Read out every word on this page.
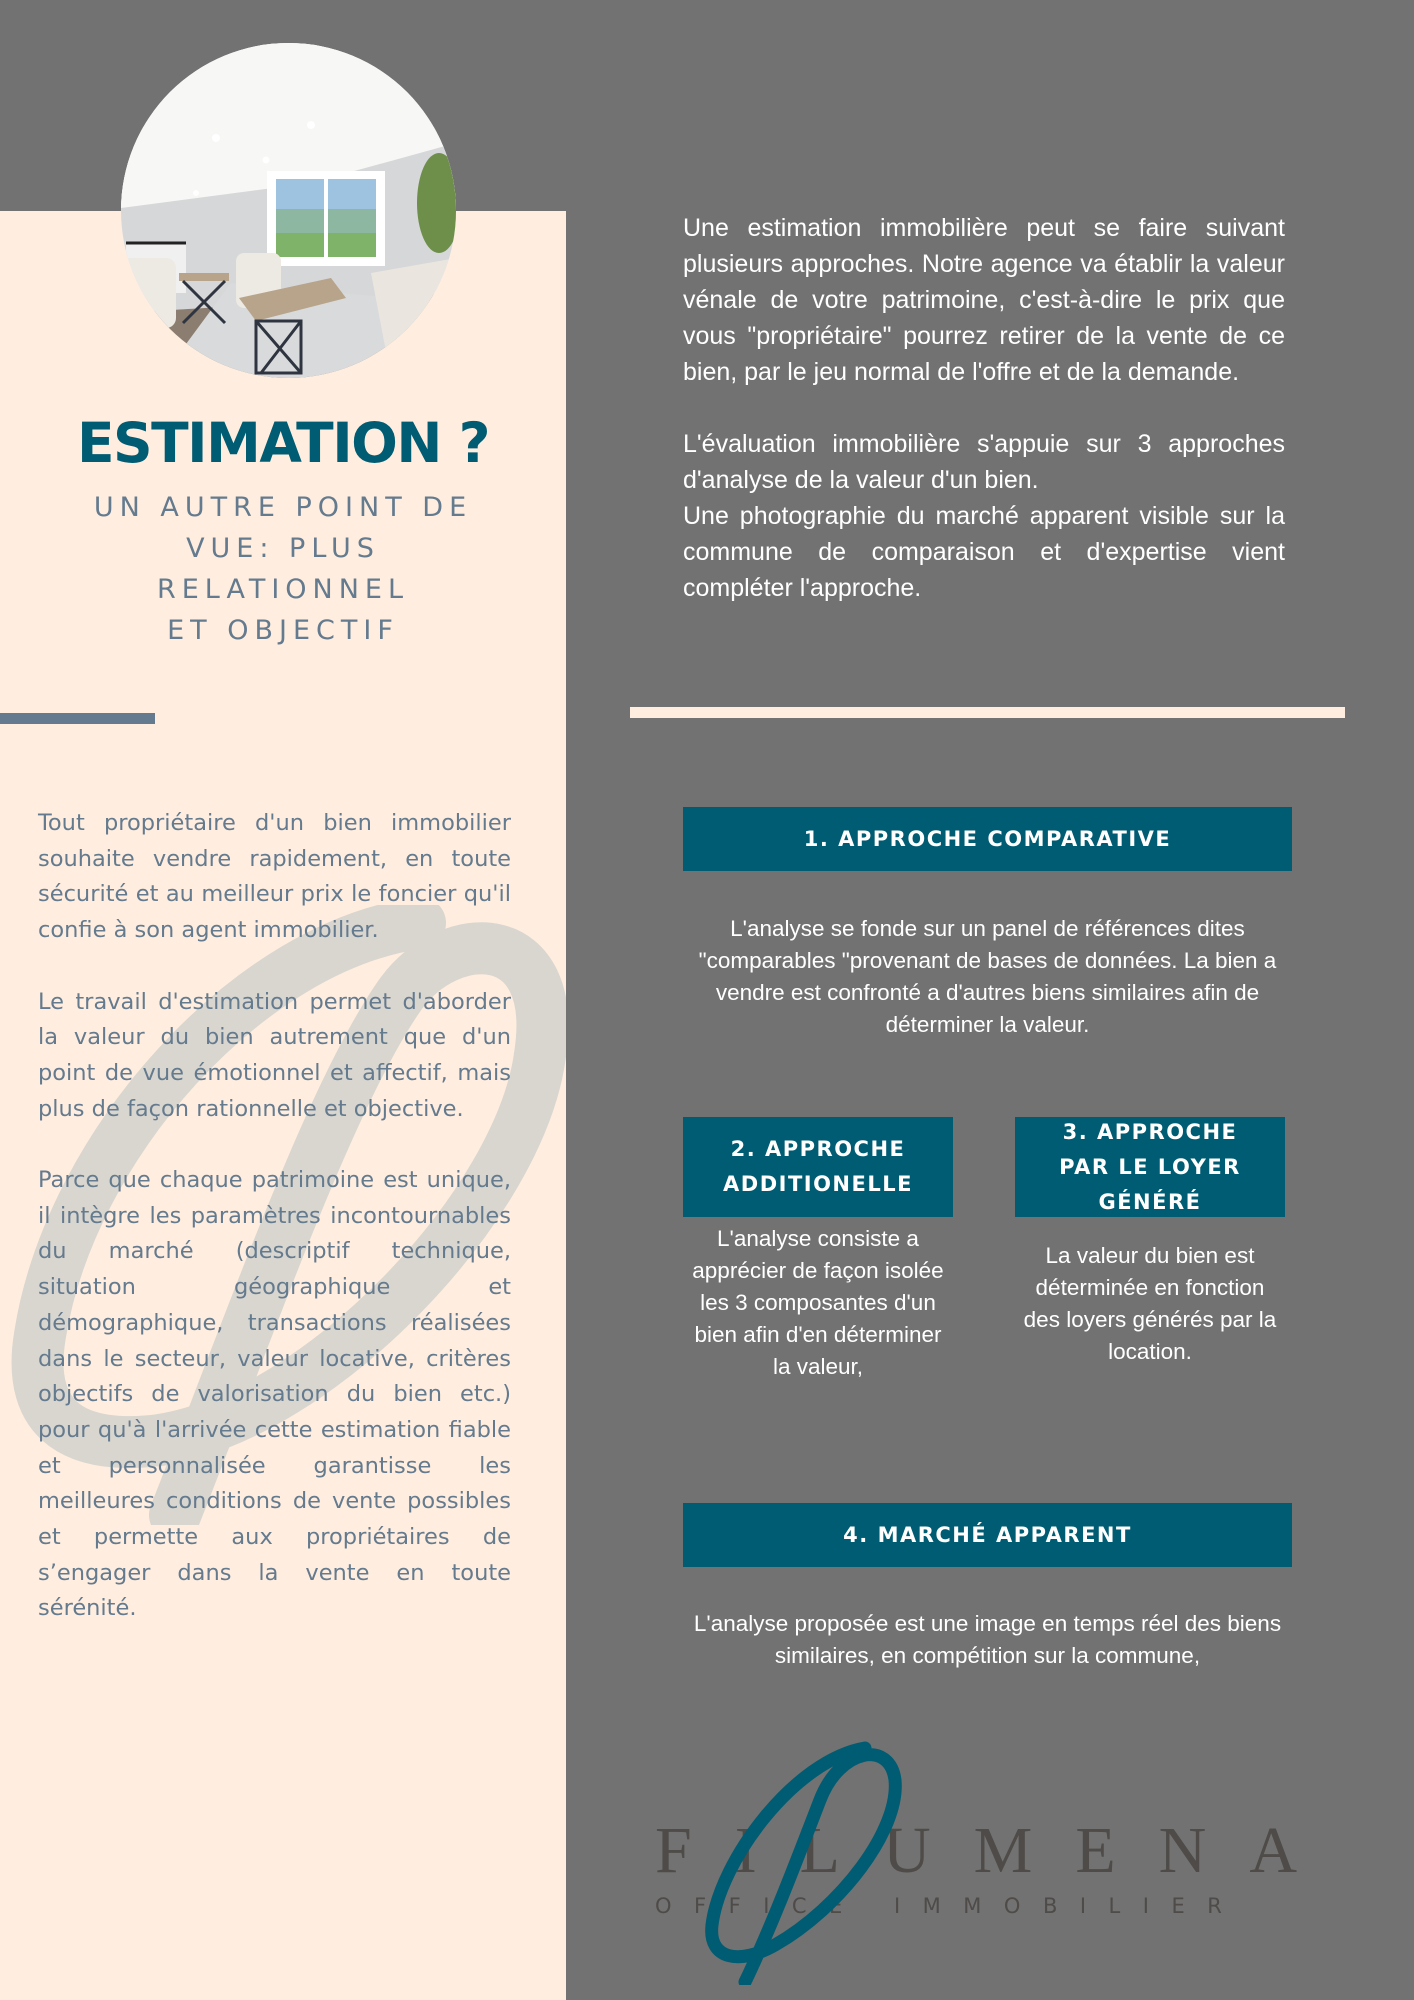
ESTIMATION ?
UN AUTRE POINT DE
VUE: PLUS
RELATIONNEL
ET OBJECTIF

Tout propriétaire d'un bien immobilier souhaite vendre rapidement, en toute sécurité et au meilleur prix le foncier qu'il confie à son agent immobilier.

Le travail d'estimation permet d'aborder la valeur du bien autrement que d'un point de vue émotionnel et affectif, mais plus de façon rationnelle et objective.

Parce que chaque patrimoine est unique, il intègre les paramètres incontournables du marché (descriptif technique, situation géographique et démographique, transactions réalisées dans le secteur, valeur locative, critères objectifs de valorisation du bien etc.) pour qu'à l'arrivée cette estimation fiable et personnalisée garantisse les meilleures conditions de vente possibles et permette aux propriétaires de s’engager dans la vente en toute sérénité.

Une estimation immobilière peut se faire suivant plusieurs approches. Notre agence va établir la valeur vénale de votre patrimoine, c'est-à-dire le prix que vous "propriétaire" pourrez retirer de la vente de ce bien, par le jeu normal de l'offre et de la demande.

L'évaluation immobilière s'appuie sur 3 approches d'analyse de la valeur d'un bien.

Une photographie du marché apparent visible sur la commune de comparaison et d'expertise vient compléter l'approche.

1. APPROCHE COMPARATIVE
L'analyse se fonde sur un panel de références dites "comparables "provenant de bases de données. La bien a vendre est confronté a d'autres biens similaires afin de déterminer la valeur.
2. APPROCHE
ADDITIONELLE
L'analyse consiste a apprécier de façon isolée les 3 composantes d'un bien afin d'en déterminer la valeur,
3. APPROCHE
PAR LE LOYER
GÉNÉRÉ
La valeur du bien est déterminée en fonction des loyers générés par la location.
4. MARCHÉ APPARENT
L'analyse proposée est une image en temps réel des biens similaires, en compétition sur la commune,
FILUMENA
OFFICE IMMOBILIER
